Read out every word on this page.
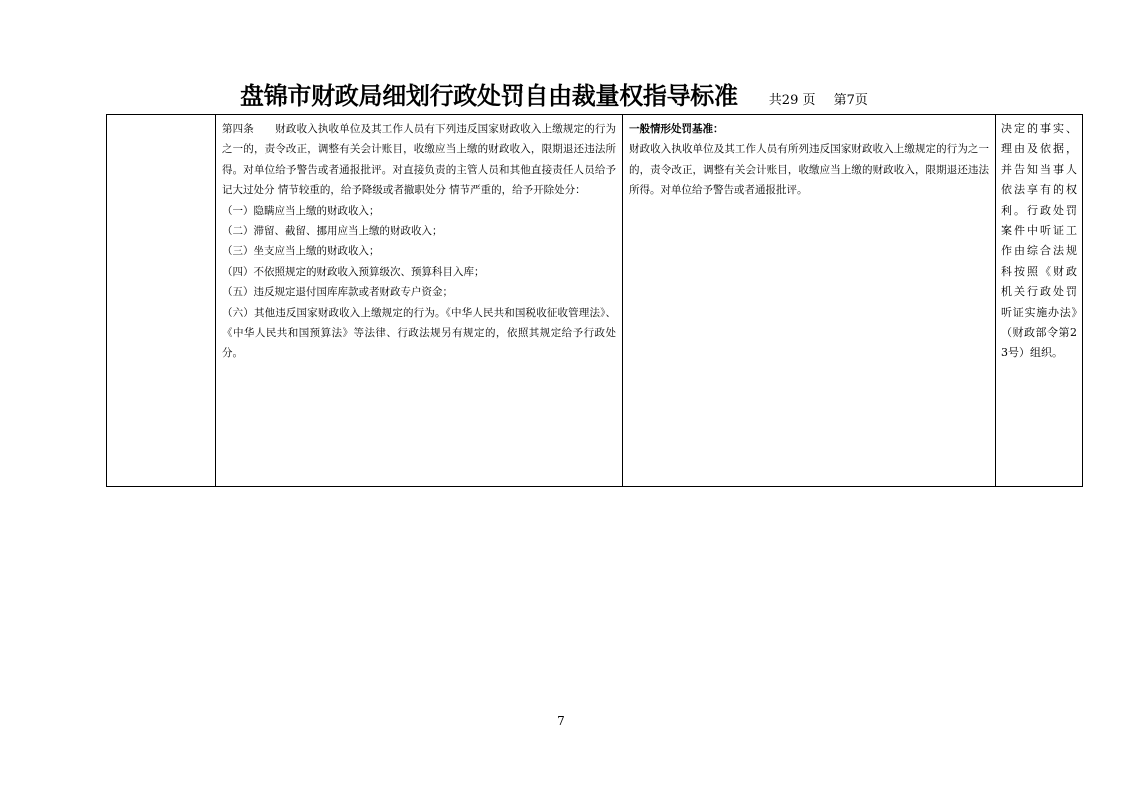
盘锦市财政局细划行政处罚自由裁量权指导标准 共29 页 第7页

第四条　　财政收入执收单位及其工作人员有下列违反国家财政收入上缴规定的行为之一的，责令改正，调整有关会计账目，收缴应当上缴的财政收入，限期退还违法所得。对单位给予警告或者通报批评。对直接负责的主管人员和其他直接责任人员给予记大过处分 情节较重的，给予降级或者撤职处分 情节严重的，给予开除处分：

（一）隐瞒应当上缴的财政收入；

（二）滞留、截留、挪用应当上缴的财政收入；

（三）坐支应当上缴的财政收入；

（四）不依照规定的财政收入预算级次、预算科目入库；

（五）违反规定退付国库库款或者财政专户资金；

（六）其他违反国家财政收入上缴规定的行为。《中华人民共和国税收征收管理法》、《中华人民共和国预算法》等法律、行政法规另有规定的，依照其规定给予行政处分。

一般情形处罚基准：
财政收入执收单位及其工作人员有所列违反国家财政收入上缴规定的行为之一的，责令改正，调整有关会计账目，收缴应当上缴的财政收入，限期退还违法所得。对单位给予警告或者通报批评。
决定的事实、理由及依据，并告知当事人依法享有的权利。行政处罚案件中听证工作由综合法规科按照《财政机关行政处罚听证实施办法》（财政部令第23号）组织。
7
